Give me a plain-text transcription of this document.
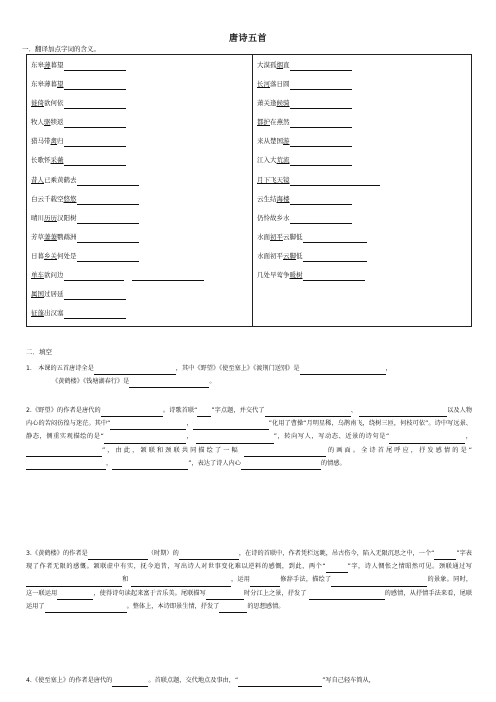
唐诗五首
一．翻译加点字词的含义。
东皋薄暮望
东皋薄暮望
徙倚欲何依
牧人驱犊返
猎马带禽归
长歌怀采薇
昔人已乘黄鹤去
白云千载空悠悠
晴川历历汉阳树
芳草萋萋鹦鹉洲
日暮乡关何处是
单车欲问边
属国过居延
征蓬出汉塞
大漠孤烟直
长河落日圆
萧关逢候骑
都护在燕然
来从楚国游
江入大荒流
月下飞天镜
云生结海楼
仍怜故乡水
水面初平云脚低
水面初平云脚低
几处早莺争暖树
二．填空
1.　本课的五首唐诗全是	，其中《野望》《使至塞上》《渡荆门送别》是	，
《黄鹤楼》《钱塘湖春行》是	。
2.《野望》的作者是唐代的	。诗歌首联“ ”字点题，并交代了	、	以及人物内心的苦闷彷徨与迷茫。其中“	，	”化用了曹操“月明星稀，乌鹊南飞，绕树三匝，何枝可依”。诗中写远景、静态，侧重实观描绘的是“	，	”，转向写人，写动态、近景的诗句是“	，”，由此，颔联和颈联共同描绘了一幅	的画面。全诗首尾呼应，抒发感情的是“，	”，表达了诗人内心	的情感。
3.《黄鹤楼》的作者是	（时期）的	，在诗的首联中，作者凭栏远眺，吊古伤今，陷入无限沉思之中，一个“	”字表现了作者无限的感慨。颔联虚中有实，抚今追昔，写出诗人对世事变化难以逆料的感慨，到此，两个“	”字，诗人惆怅之情昭然可见。颈联通过写和	，运用	修辞手法，描绘了	的景象。同时，这一联运用	，使得诗句读起来富于音乐美。尾联描写	时分江上之景，抒发了	的感情，从抒情手法来看，尾联运用了	。整体上，本诗即景生情，抒发了	的思想感情。
4.《使至塞上》的作者是唐代的	。首联点题，交代地点及事由，“	”写自己轻车简从，
